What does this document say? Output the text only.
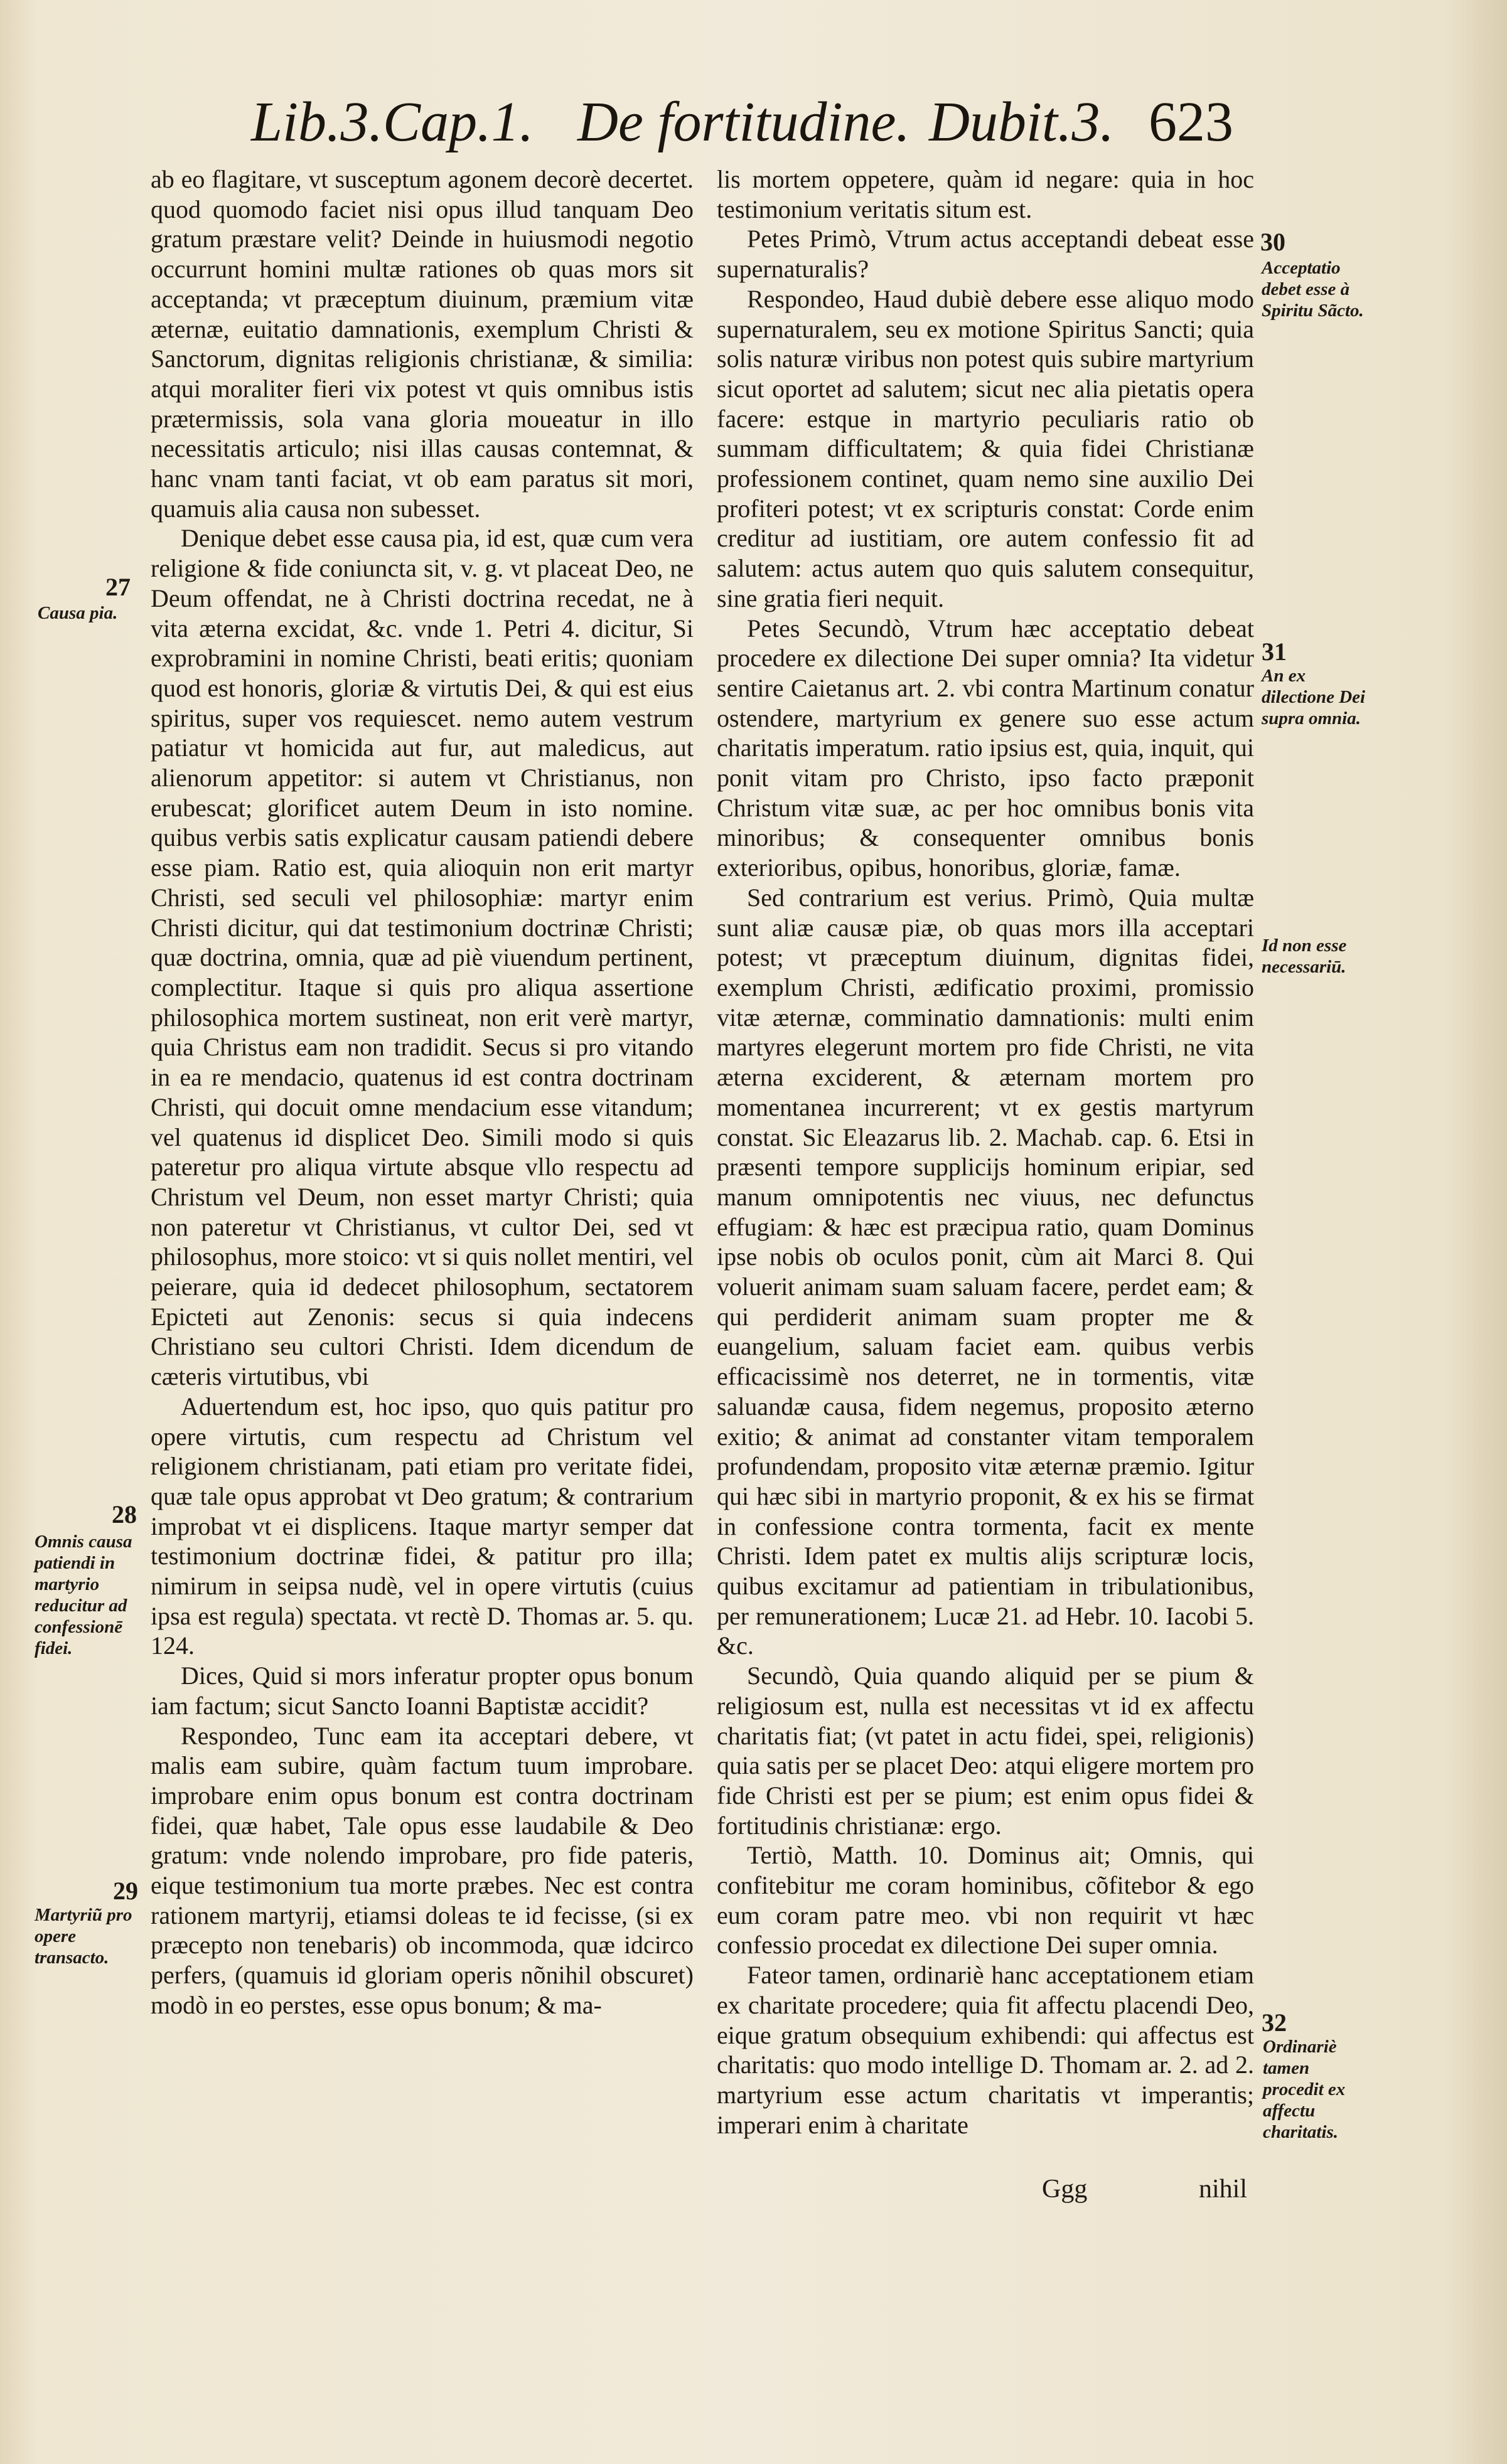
Lib.3.Cap.1. De fortitudine. Dubit.3. 623

ab eo flagitare, vt susceptum agonem decorè decertet. quod quomodo faciet nisi opus illud tanquam Deo gratum præstare velit? Deinde in huiusmodi negotio occurrunt homini multæ rationes ob quas mors sit acceptanda; vt præceptum diuinum, præmium vitæ æternæ, euitatio damnationis, exemplum Christi & Sanctorum, dignitas religionis christianæ, & similia: atqui moraliter fieri vix potest vt quis omnibus istis prætermissis, sola vana gloria moueatur in illo necessitatis articulo; nisi illas causas contemnat, & hanc vnam tanti faciat, vt ob eam paratus sit mori, quamuis alia causa non subesset.

Denique debet esse causa pia, id est, quæ cum vera religione & fide coniuncta sit, v. g. vt placeat Deo, ne Deum offendat, ne à Christi doctrina recedat, ne à vita æterna excidat, &c. vnde 1. Petri 4. dicitur, Si exprobramini in nomine Christi, beati eritis; quoniam quod est honoris, gloriæ & virtutis Dei, & qui est eius spiritus, super vos requiescet. nemo autem vestrum patiatur vt homicida aut fur, aut maledicus, aut alienorum appetitor: si autem vt Christianus, non erubescat; glorificet autem Deum in isto nomine. quibus verbis satis explicatur causam patiendi debere esse piam. Ratio est, quia alioquin non erit martyr Christi, sed seculi vel philosophiæ: martyr enim Christi dicitur, qui dat testimonium doctrinæ Christi; quæ doctrina, omnia, quæ ad piè viuendum pertinent, complectitur. Itaque si quis pro aliqua assertione philosophica mortem sustineat, non erit verè martyr, quia Christus eam non tradidit. Secus si pro vitando in ea re mendacio, quatenus id est contra doctrinam Christi, qui docuit omne mendacium esse vitandum; vel quatenus id displicet Deo. Simili modo si quis pateretur pro aliqua virtute absque vllo respectu ad Christum vel Deum, non esset martyr Christi; quia non pateretur vt Christianus, vt cultor Dei, sed vt philosophus, more stoico: vt si quis nollet mentiri, vel peierare, quia id dedecet philosophum, sectatorem Epicteti aut Zenonis: secus si quia indecens Christiano seu cultori Christi. Idem dicendum de cæteris virtutibus, vbi

Aduertendum est, hoc ipso, quo quis patitur pro opere virtutis, cum respectu ad Christum vel religionem christianam, pati etiam pro veritate fidei, quæ tale opus approbat vt Deo gratum; & contrarium improbat vt ei displicens. Itaque martyr semper dat testimonium doctrinæ fidei, & patitur pro illa; nimirum in seipsa nudè, vel in opere virtutis (cuius ipsa est regula) spectata. vt rectè D. Thomas ar. 5. qu. 124.

Dices, Quid si mors inferatur propter opus bonum iam factum; sicut Sancto Ioanni Baptistæ accidit?

Respondeo, Tunc eam ita acceptari debere, vt malis eam subire, quàm factum tuum improbare. improbare enim opus bonum est contra doctrinam fidei, quæ habet, Tale opus esse laudabile & Deo gratum: vnde nolendo improbare, pro fide pateris, eique testimonium tua morte præbes. Nec est contra rationem martyrij, etiamsi doleas te id fecisse, (si ex præcepto non tenebaris) ob incommoda, quæ idcirco perfers, (quamuis id gloriam operis nõnihil obscuret) modò in eo perstes, esse opus bonum; & ma-

lis mortem oppetere, quàm id negare: quia in hoc testimonium veritatis situm est.

Petes Primò, Vtrum actus acceptandi debeat esse supernaturalis?

Respondeo, Haud dubiè debere esse aliquo modo supernaturalem, seu ex motione Spiritus Sancti; quia solis naturæ viribus non potest quis subire martyrium sicut oportet ad salutem; sicut nec alia pietatis opera facere: estque in martyrio peculiaris ratio ob summam difficultatem; & quia fidei Christianæ professionem continet, quam nemo sine auxilio Dei profiteri potest; vt ex scripturis constat: Corde enim creditur ad iustitiam, ore autem confessio fit ad salutem: actus autem quo quis salutem consequitur, sine gratia fieri nequit.

Petes Secundò, Vtrum hæc acceptatio debeat procedere ex dilectione Dei super omnia? Ita videtur sentire Caietanus art. 2. vbi contra Martinum conatur ostendere, martyrium ex genere suo esse actum charitatis imperatum. ratio ipsius est, quia, inquit, qui ponit vitam pro Christo, ipso facto præponit Christum vitæ suæ, ac per hoc omnibus bonis vita minoribus; & consequenter omnibus bonis exterioribus, opibus, honoribus, gloriæ, famæ.

Sed contrarium est verius. Primò, Quia multæ sunt aliæ causæ piæ, ob quas mors illa acceptari potest; vt præceptum diuinum, dignitas fidei, exemplum Christi, ædificatio proximi, promissio vitæ æternæ, comminatio damnationis: multi enim martyres elegerunt mortem pro fide Christi, ne vita æterna exciderent, & æternam mortem pro momentanea incurrerent; vt ex gestis martyrum constat. Sic Eleazarus lib. 2. Machab. cap. 6. Etsi in præsenti tempore supplicijs hominum eripiar, sed manum omnipotentis nec viuus, nec defunctus effugiam: & hæc est præcipua ratio, quam Dominus ipse nobis ob oculos ponit, cùm ait Marci 8. Qui voluerit animam suam saluam facere, perdet eam; & qui perdiderit animam suam propter me & euangelium, saluam faciet eam. quibus verbis efficacissimè nos deterret, ne in tormentis, vitæ saluandæ causa, fidem negemus, proposito æterno exitio; & animat ad constanter vitam temporalem profundendam, proposito vitæ æternæ præmio. Igitur qui hæc sibi in martyrio proponit, & ex his se firmat in confessione contra tormenta, facit ex mente Christi. Idem patet ex multis alijs scripturæ locis, quibus excitamur ad patientiam in tribulationibus, per remunerationem; Lucæ 21. ad Hebr. 10. Iacobi 5. &c.

Secundò, Quia quando aliquid per se pium & religiosum est, nulla est necessitas vt id ex affectu charitatis fiat; (vt patet in actu fidei, spei, religionis) quia satis per se placet Deo: atqui eligere mortem pro fide Christi est per se pium; est enim opus fidei & fortitudinis christianæ: ergo.

Tertiò, Matth. 10. Dominus ait; Omnis, qui confitebitur me coram hominibus, cõfitebor & ego eum coram patre meo. vbi non requirit vt hæc confessio procedat ex dilectione Dei super omnia.

Fateor tamen, ordinariè hanc acceptationem etiam ex charitate procedere; quia fit affectu placendi Deo, eique gratum obsequium exhibendi: qui affectus est charitatis: quo modo intellige D. Thomam ar. 2. ad 2. martyrium esse actum charitatis vt imperantis; imperari enim à charitate

27
Causa pia.
28
Omnis causa patiendi in martyrio reducitur ad confessionē fidei.
29
Martyriũ pro opere transacto.
30
Acceptatio debet esse à Spiritu Sãcto.
31
An ex dilectione Dei supra omnia.
Id non esse necessariū.
32
Ordinariè tamen procedit ex affectu charitatis.
Ggg	nihil
